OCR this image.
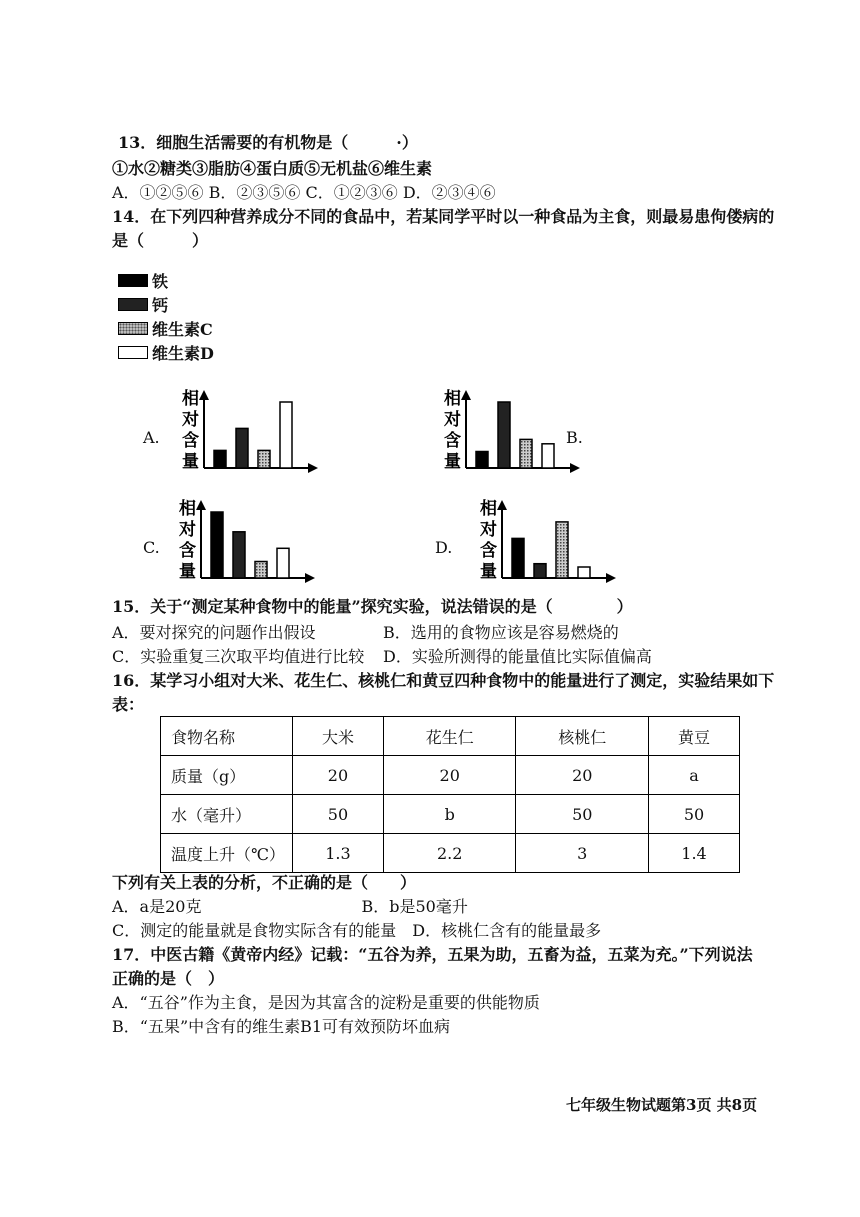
13．细胞生活需要的有机物是（　　　·）
①水②糖类③脂肪④蛋白质⑤无机盐⑥维生素
A．①②⑤⑥ B．②③⑤⑥ C．①②③⑥ D．②③④⑥
14．在下列四种营养成分不同的食品中，若某同学平时以一种食品为主食，则最易患佝偻病的
是（　　　）
铁
钙
维生素C
维生素D
A.	B.
C.	D.
相
对
含
量
相
对
含
量
相
对
含
量
相
对
含
量
15．关于“测定某种食物中的能量”探究实验，说法错误的是（　　　　）
A．要对探究的问题作出假设	B．选用的食物应该是容易燃烧的
C．实验重复三次取平均值进行比较 D．实验所测得的能量值比实际值偏高
16．某学习小组对大米、花生仁、核桃仁和黄豆四种食物中的能量进行了测定，实验结果如下
表：
食物名称	大米	花生仁	核桃仁	黄豆
质量（g）	20	20	20	a
水（毫升）	50	b	50	50
温度上升（℃）	1.3	2.2	3	1.4
下列有关上表的分析，不正确的是（　　）
A．a是20克　　　　　　　　　　B．b是50毫升
C．测定的能量就是食物实际含有的能量　D．核桃仁含有的能量最多
17．中医古籍《黄帝内经》记载：“五谷为养，五果为助，五畜为益，五菜为充。”下列说法
正确的是（　）
A．“五谷”作为主食，是因为其富含的淀粉是重要的供能物质
B．“五果”中含有的维生素B1可有效预防坏血病
七年级生物试题第3页 共8页
